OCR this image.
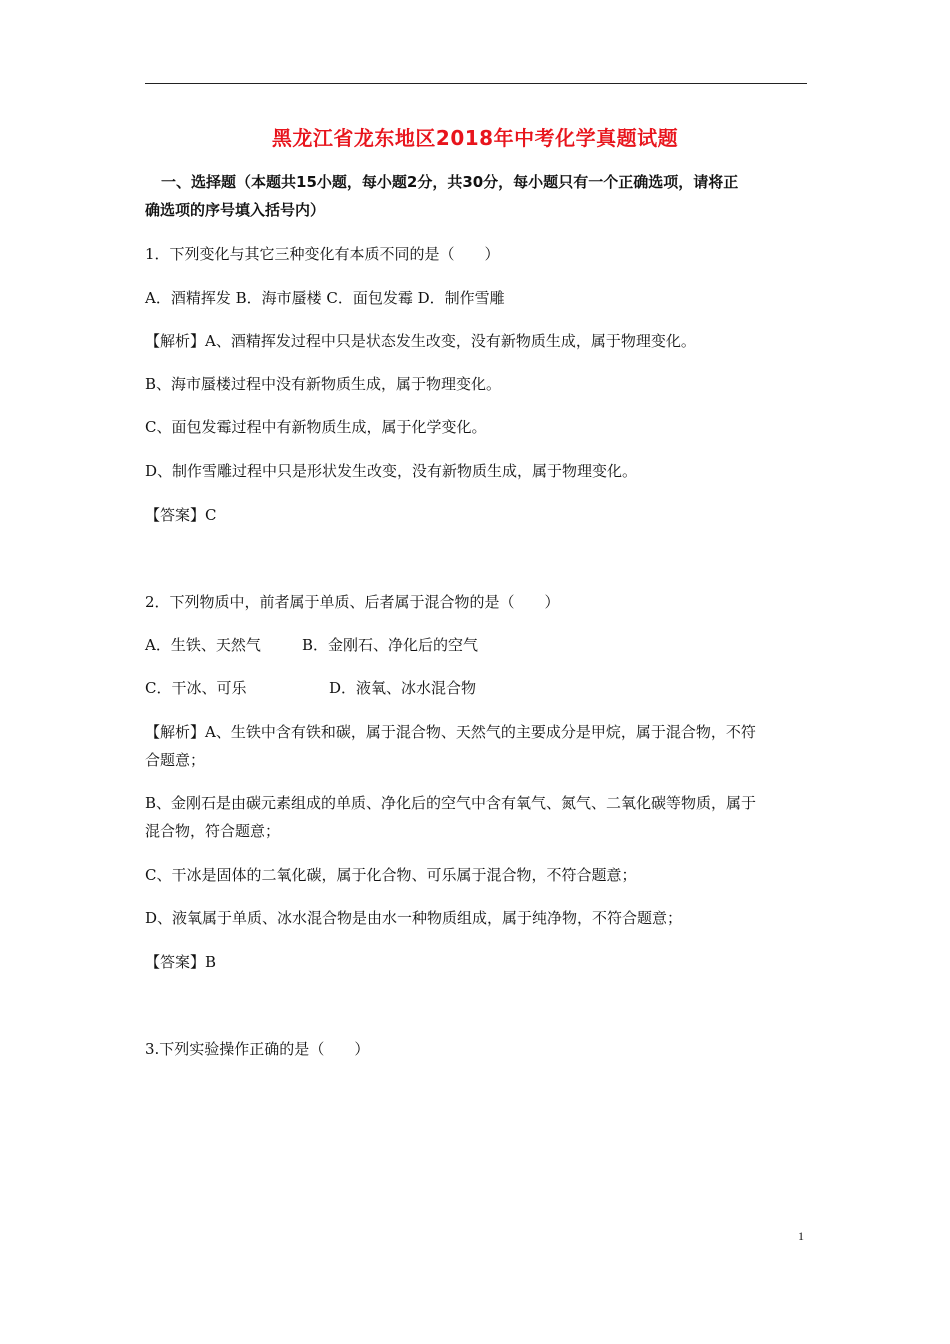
黑龙江省龙东地区2018年中考化学真题试题
一、选择题（本题共15小题，每小题2分，共30分，每小题只有一个正确选项，请将正
确选项的序号填入括号内）
1．下列变化与其它三种变化有本质不同的是（　　）
A．酒精挥发 B．海市蜃楼 C．面包发霉 D．制作雪雕
【解析】A、酒精挥发过程中只是状态发生改变，没有新物质生成，属于物理变化。
B、海市蜃楼过程中没有新物质生成，属于物理变化。
C、面包发霉过程中有新物质生成，属于化学变化。
D、制作雪雕过程中只是形状发生改变，没有新物质生成，属于物理变化。
【答案】C
2．下列物质中，前者属于单质、后者属于混合物的是（　　）
A．生铁、天然气	B．金刚石、净化后的空气
C．干冰、可乐	D．液氧、冰水混合物
【解析】A、生铁中含有铁和碳，属于混合物、天然气的主要成分是甲烷，属于混合物，不符
合题意；
B、金刚石是由碳元素组成的单质、净化后的空气中含有氧气、氮气、二氧化碳等物质，属于
混合物，符合题意；
C、干冰是固体的二氧化碳，属于化合物、可乐属于混合物，不符合题意；
D、液氧属于单质、冰水混合物是由水一种物质组成，属于纯净物，不符合题意；
【答案】B
3.下列实验操作正确的是（　　）
1
